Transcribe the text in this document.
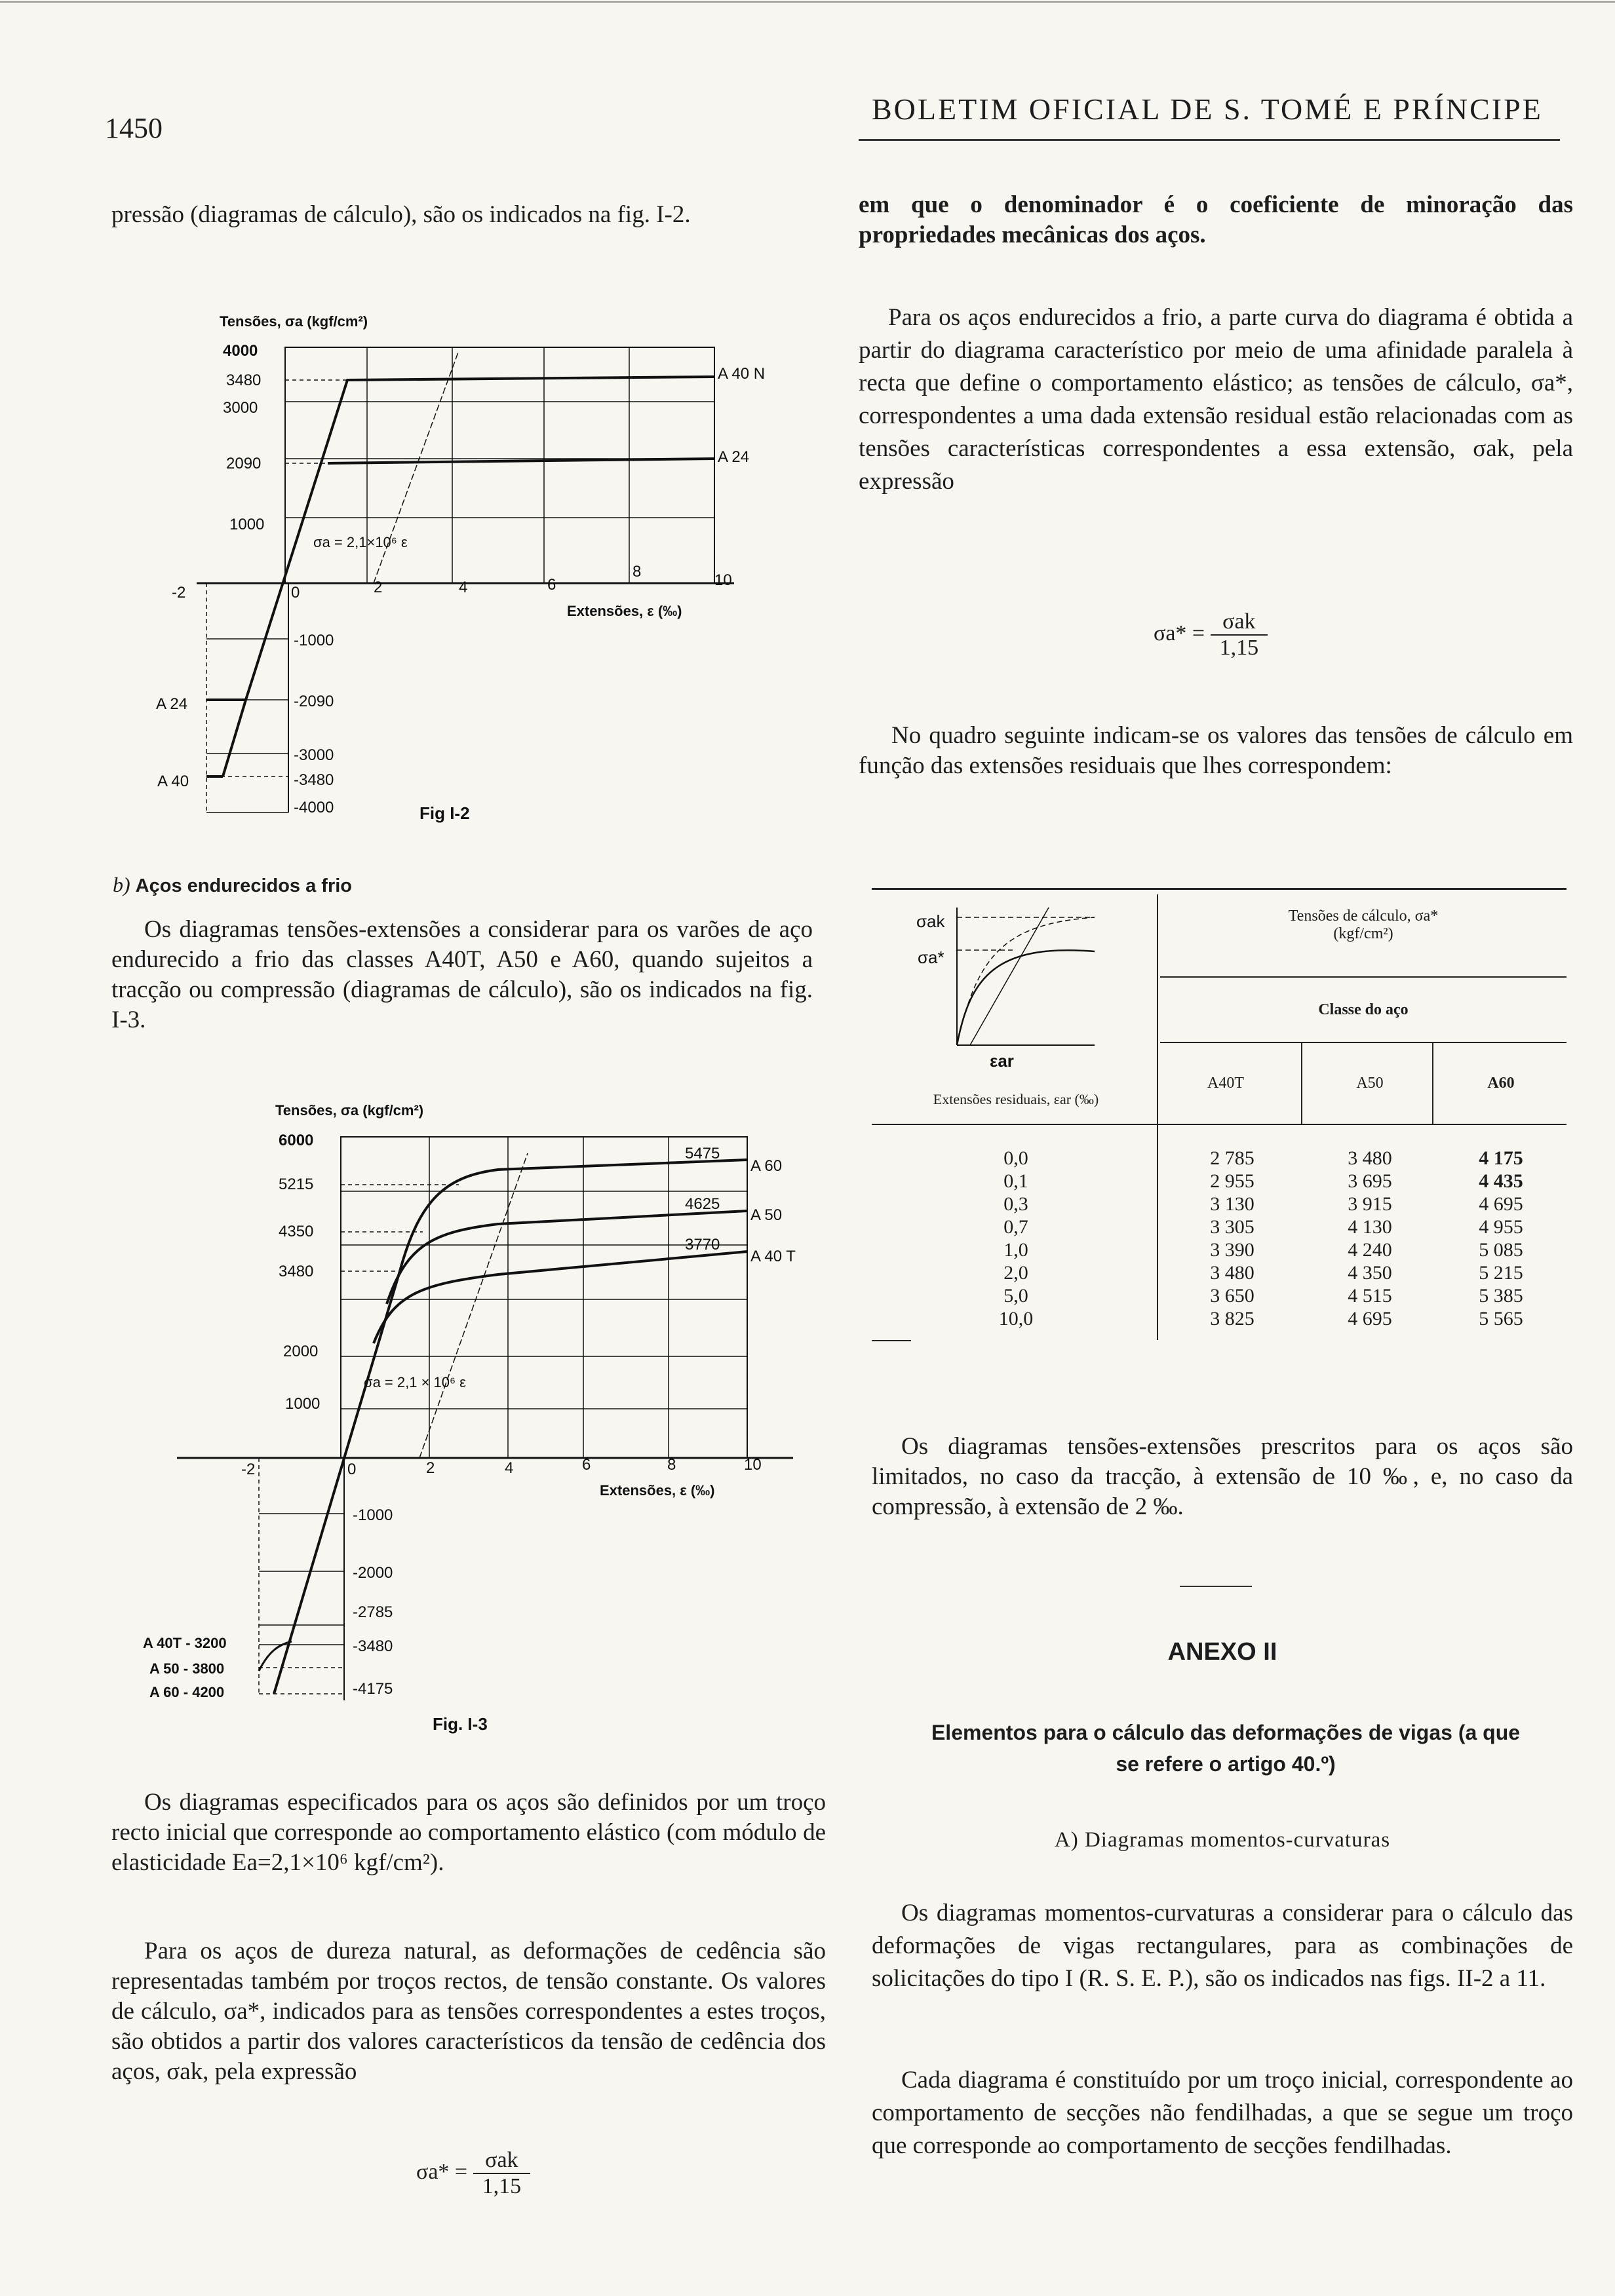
1450
BOLETIM OFICIAL DE S. TOMÉ E PRÍNCIPE
pressão (diagramas de cálculo), são os indicados na fig. I-2.
Tensões, σa (kgf/cm²)
4000
3480
3000
2090
1000
-2	0	2	4	6
8	10
Extensões, ε (‰)
-1000
-2090
-3000
-3480
-4000
A 40 N
A 24
A 24
A 40
σa = 2,1×10⁶ ε
Fig I-2
b) Aços endurecidos a frio
Os diagramas tensões-extensões a considerar para os varões de aço endurecido a frio das classes A40T, A50 e A60, quando sujeitos a tracção ou compressão (diagramas de cálculo), são os indicados na fig. I-3.
Tensões, σa (kgf/cm²)
6000
5215
4350
3480
2000
1000
-2	0	2	4	6	8	10
Extensões, ε (‰)
5475
4625
3770
A 60
A 50
A 40 T
-1000
-2000
-2785
-3480
-4175
A 40T - 3200
A 50 - 3800
A 60 - 4200
σa = 2,1 × 10⁶ ε
Fig. I-3
Os diagramas especificados para os aços são definidos por um troço recto inicial que corresponde ao comportamento elástico (com módulo de elasticidade Ea=2,1×10⁶ kgf/cm²).
Para os aços de dureza natural, as deformações de cedência são representadas também por troços rectos, de tensão constante. Os valores de cálculo, σa*, indicados para as tensões correspondentes a estes troços, são obtidos a partir dos valores característicos da tensão de cedência dos aços, σak, pela expressão
$\sigma a* = \frac{\text{σak}}{1,15}$
em que o denominador é o coeficiente de minoração das propriedades mecânicas dos aços.
Para os aços endurecidos a frio, a parte curva do diagrama é obtida a partir do diagrama característico por meio de uma afinidade paralela à recta que define o comportamento elástico; as tensões de cálculo, σa*, correspondentes a uma dada extensão residual estão relacionadas com as tensões características correspondentes a essa extensão, σak, pela expressão
$\sigma a* = \frac{\text{σak}}{1,15}$
No quadro seguinte indicam-se os valores das tensões de cálculo em função das extensões residuais que lhes correspondem:
σak
σa*
εar
Extensões residuais, εar (‰)
Tensões de cálculo, σa*
(kgf/cm²)
Classe do aço
A40T	A50	A60
0,0	2 785	3 480	4 175
0,1	2 955	3 695	4 435
0,3	3 130	3 915	4 695
0,7	3 305	4 130	4 955
1,0	3 390	4 240	5 085
2,0	3 480	4 350	5 215
5,0	3 650	4 515	5 385
10,0	3 825	4 695	5 565
Os diagramas tensões-extensões prescritos para os aços são limitados, no caso da tracção, à extensão de 10 ‰, e, no caso da compressão, à extensão de 2 ‰.
ANEXO II
Elementos para o cálculo das deformações de vigas (a que se refere o artigo 40.º)
A) Diagramas momentos-curvaturas
Os diagramas momentos-curvaturas a considerar para o cálculo das deformações de vigas rectangulares, para as combinações de solicitações do tipo I (R. S. E. P.), são os indicados nas figs. II-2 a 11.
Cada diagrama é constituído por um troço inicial, correspondente ao comportamento de secções não fendilhadas, a que se segue um troço que corresponde ao comportamento de secções fendilhadas.
